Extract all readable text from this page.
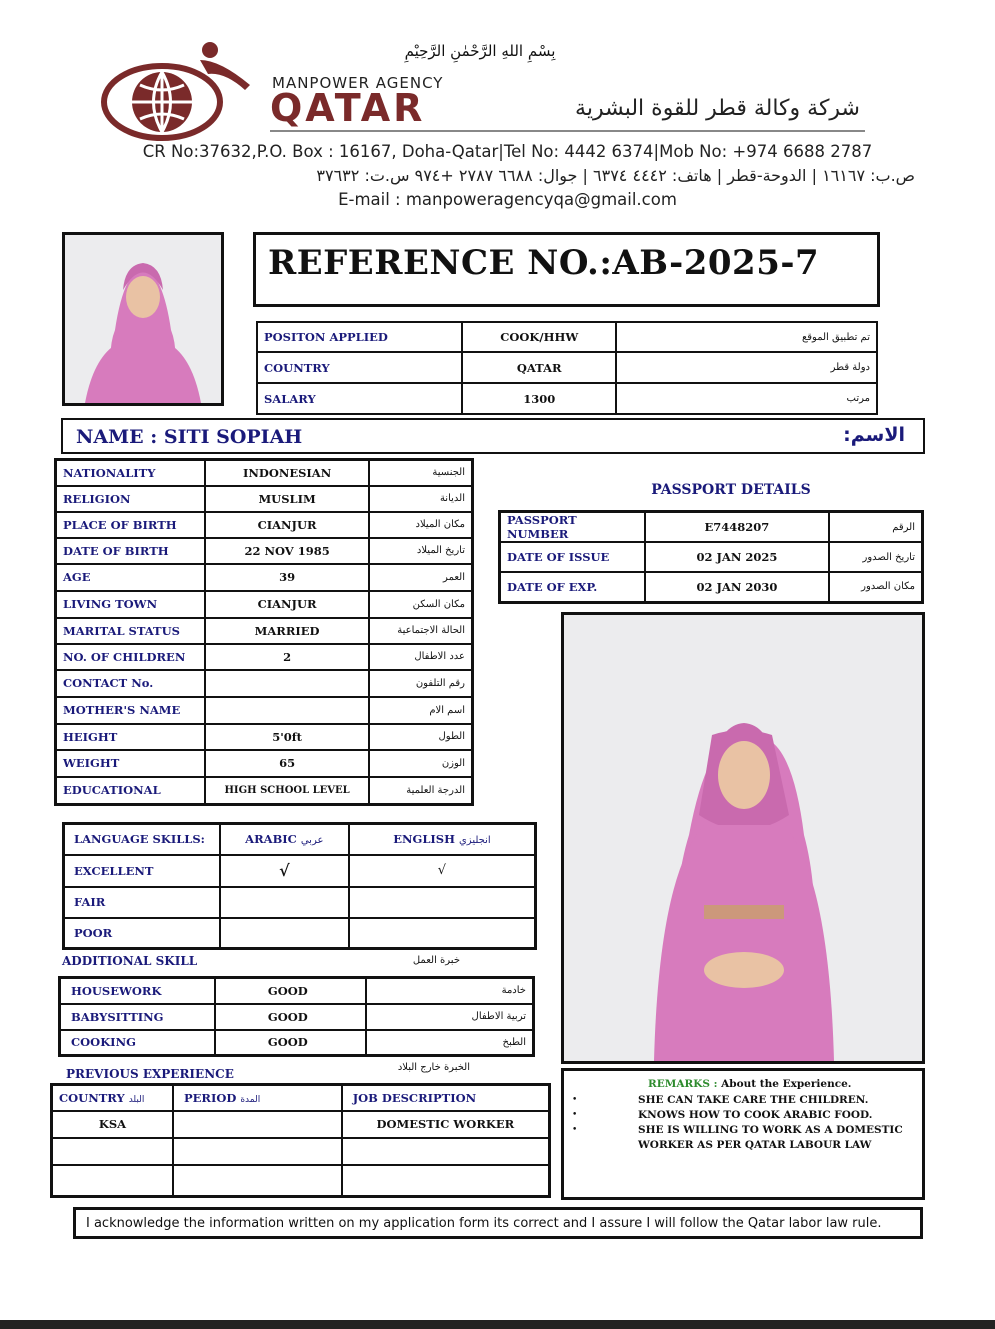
بِسْمِ اللهِ الرَّحْمٰنِ الرَّحِيْمِ
MANPOWER AGENCY
QATAR	شركة وكالة قطر للقوة البشرية
CR No:37632,P.O. Box : 16167, Doha-Qatar|Tel No: 4442 6374|Mob No: +974 6688 2787
ص.ب: ١٦١٦٧ | الدوحة-قطر | هاتف: ٤٤٤٢ ٦٣٧٤ | جوال: ٦٦٨٨ ٢٧٨٧ +٩٧٤ س.ت: ٣٧٦٣٢
E-mail : manpoweragencyqa@gmail.com
REFERENCE NO.:AB-2025-7
POSITON APPLIED	COOK/HHW	تم تطبيق الموقع
COUNTRY	QATAR	دولة قطر
SALARY	1300	مرتب
NAME : SITI SOPIAH	الاسم:
NATIONALITY	INDONESIAN	الجنسية
RELIGION	MUSLIM	الديانة
PLACE OF BIRTH	CIANJUR	مكان الميلاد
DATE OF BIRTH	22 NOV 1985	تاريخ الميلاد
AGE	39	العمر
LIVING TOWN	CIANJUR	مكان السكن
MARITAL STATUS	MARRIED	الحالة الاجتماعية
NO. OF CHILDREN	2	عدد الاطفال
CONTACT No.		رقم التلفون
MOTHER'S NAME		اسم الام
HEIGHT	5'0ft	الطول
WEIGHT	65	الوزن
EDUCATIONAL	HIGH SCHOOL LEVEL	الدرجة العلمية
PASSPORT DETAILS
PASSPORT NUMBER	E7448207	الرقم
DATE OF ISSUE	02 JAN 2025	تاريخ الصدور
DATE OF EXP.	02 JAN 2030	مكان الصدور
LANGUAGE SKILLS:	ARABIC عربي	ENGLISH انجليزي
EXCELLENT	√	√
FAIR		
POOR		
ADDITIONAL SKILL	خبرة العمل
HOUSEWORK	GOOD	خادمة
BABYSITTING	GOOD	تربية الاطفال
COOKING	GOOD	الطبخ
PREVIOUS EXPERIENCE	الخبرة خارج البلاد
COUNTRY البلد	PERIOD المدة	JOB DESCRIPTION
KSA		DOMESTIC WORKER

REMARKS : About the Experience.
•
•
•
SHE CAN TAKE CARE THE CHILDREN.
KNOWS HOW TO COOK ARABIC FOOD.
SHE IS WILLING TO WORK AS A DOMESTIC WORKER AS PER QATAR LABOUR LAW
I acknowledge the information written on my application form its correct and I assure I will follow the Qatar labor law rule.
